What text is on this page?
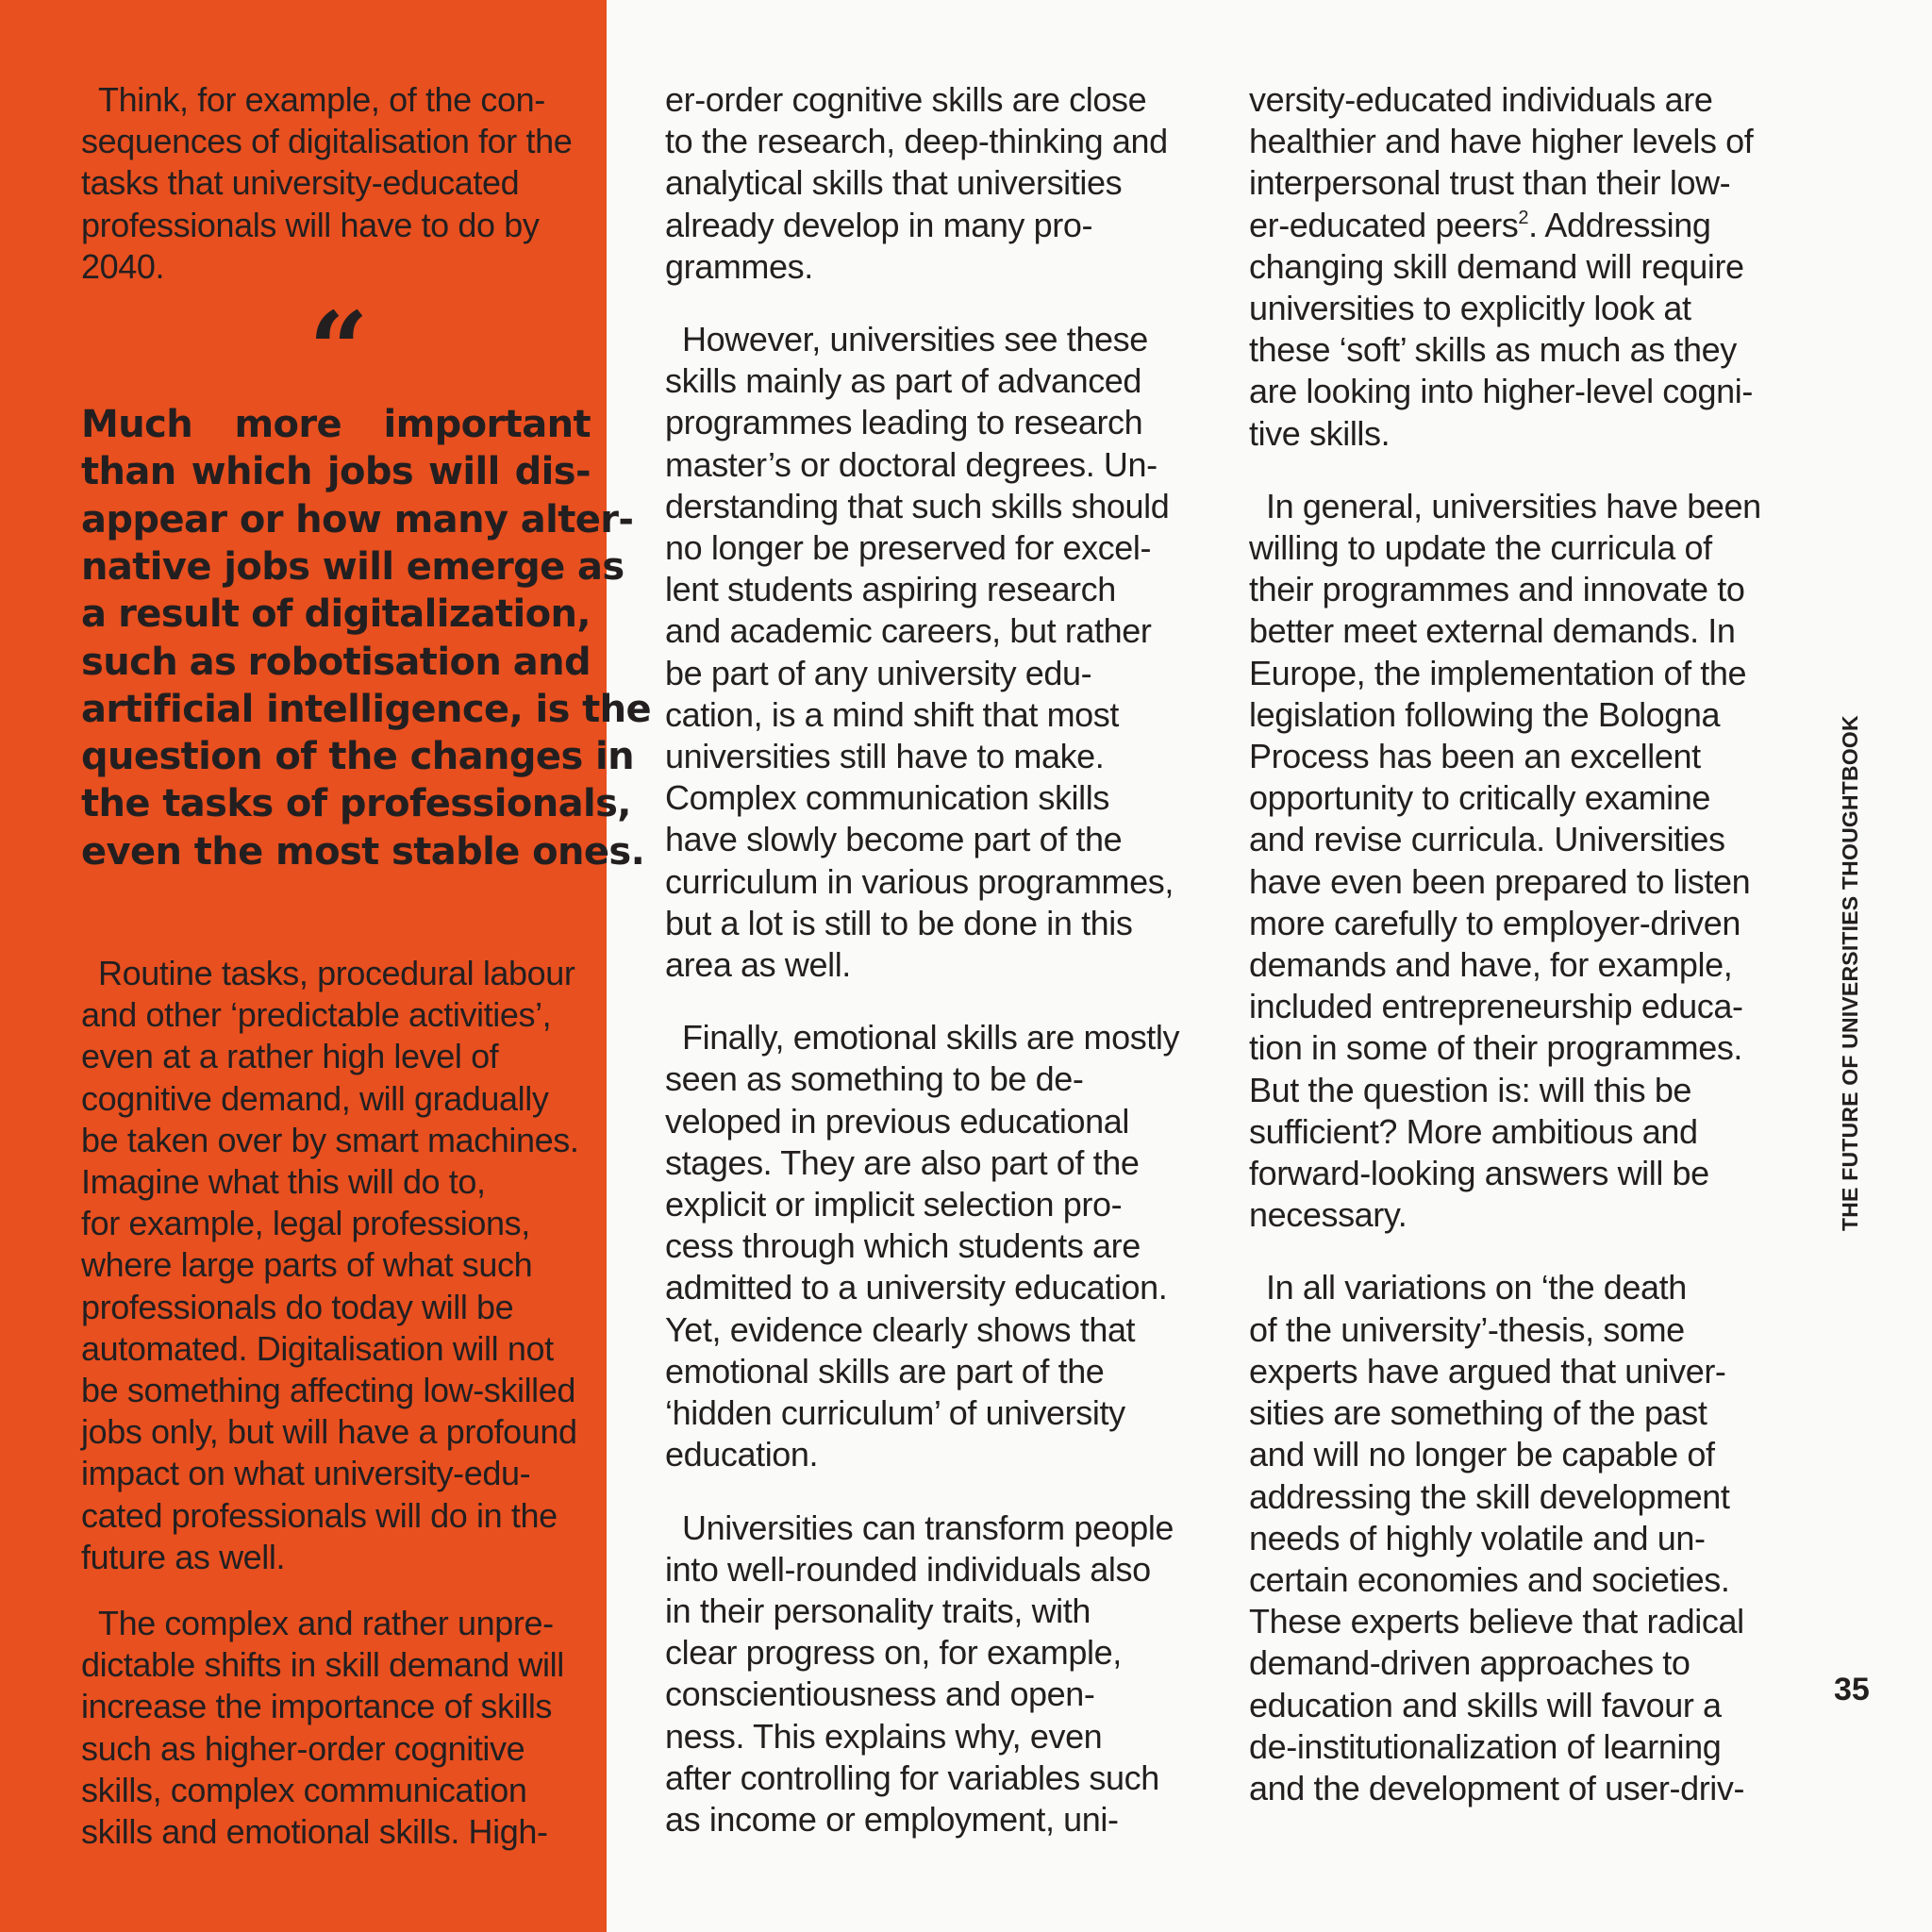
Think, for example, of the con-
sequences of digitalisation for the
tasks that university-educated
professionals will have to do by
2040.
“
Much more important
than which jobs will dis-
appear or how many alter-
native jobs will emerge as
a result of digitalization,
such as robotisation and
artificial intelligence, is the
question of the changes in
the tasks of professionals,
even the most stable ones.
Routine tasks, procedural labour
and other ‘predictable activities’,
even at a rather high level of
cognitive demand, will gradually
be taken over by smart machines.
Imagine what this will do to,
for example, legal professions,
where large parts of what such
professionals do today will be
automated. Digitalisation will not
be something affecting low-skilled
jobs only, but will have a profound
impact on what university-edu-
cated professionals will do in the
future as well.
The complex and rather unpre-
dictable shifts in skill demand will
increase the importance of skills
such as higher-order cognitive
skills, complex communication
skills and emotional skills. High-
er-order cognitive skills are close
to the research, deep-thinking and
analytical skills that universities
already develop in many pro-
grammes.
However, universities see these
skills mainly as part of advanced
programmes leading to research
master’s or doctoral degrees. Un-
derstanding that such skills should
no longer be preserved for excel-
lent students aspiring research
and academic careers, but rather
be part of any university edu-
cation, is a mind shift that most
universities still have to make.
Complex communication skills
have slowly become part of the
curriculum in various programmes,
but a lot is still to be done in this
area as well.
Finally, emotional skills are mostly
seen as something to be de-
veloped in previous educational
stages. They are also part of the
explicit or implicit selection pro-
cess through which students are
admitted to a university education.
Yet, evidence clearly shows that
emotional skills are part of the
‘hidden curriculum’ of university
education.
Universities can transform people
into well-rounded individuals also
in their personality traits, with
clear progress on, for example,
conscientiousness and open-
ness. This explains why, even
after controlling for variables such
as income or employment, uni-
versity-educated individuals are
healthier and have higher levels of
interpersonal trust than their low-
er-educated peers$^2$. Addressing
changing skill demand will require
universities to explicitly look at
these ‘soft’ skills as much as they
are looking into higher-level cogni-
tive skills.
In general, universities have been
willing to update the curricula of
their programmes and innovate to
better meet external demands. In
Europe, the implementation of the
legislation following the Bologna
Process has been an excellent
opportunity to critically examine
and revise curricula. Universities
have even been prepared to listen
more carefully to employer-driven
demands and have, for example,
included entrepreneurship educa-
tion in some of their programmes.
But the question is: will this be
sufficient? More ambitious and
forward-looking answers will be
necessary.
In all variations on ‘the death
of the university’-thesis, some
experts have argued that univer-
sities are something of the past
and will no longer be capable of
addressing the skill development
needs of highly volatile and un-
certain economies and societies.
These experts believe that radical
demand-driven approaches to
education and skills will favour a
de-institutionalization of learning
and the development of user-driv-
THE FUTURE OF UNIVERSITIES THOUGHTBOOK
35
